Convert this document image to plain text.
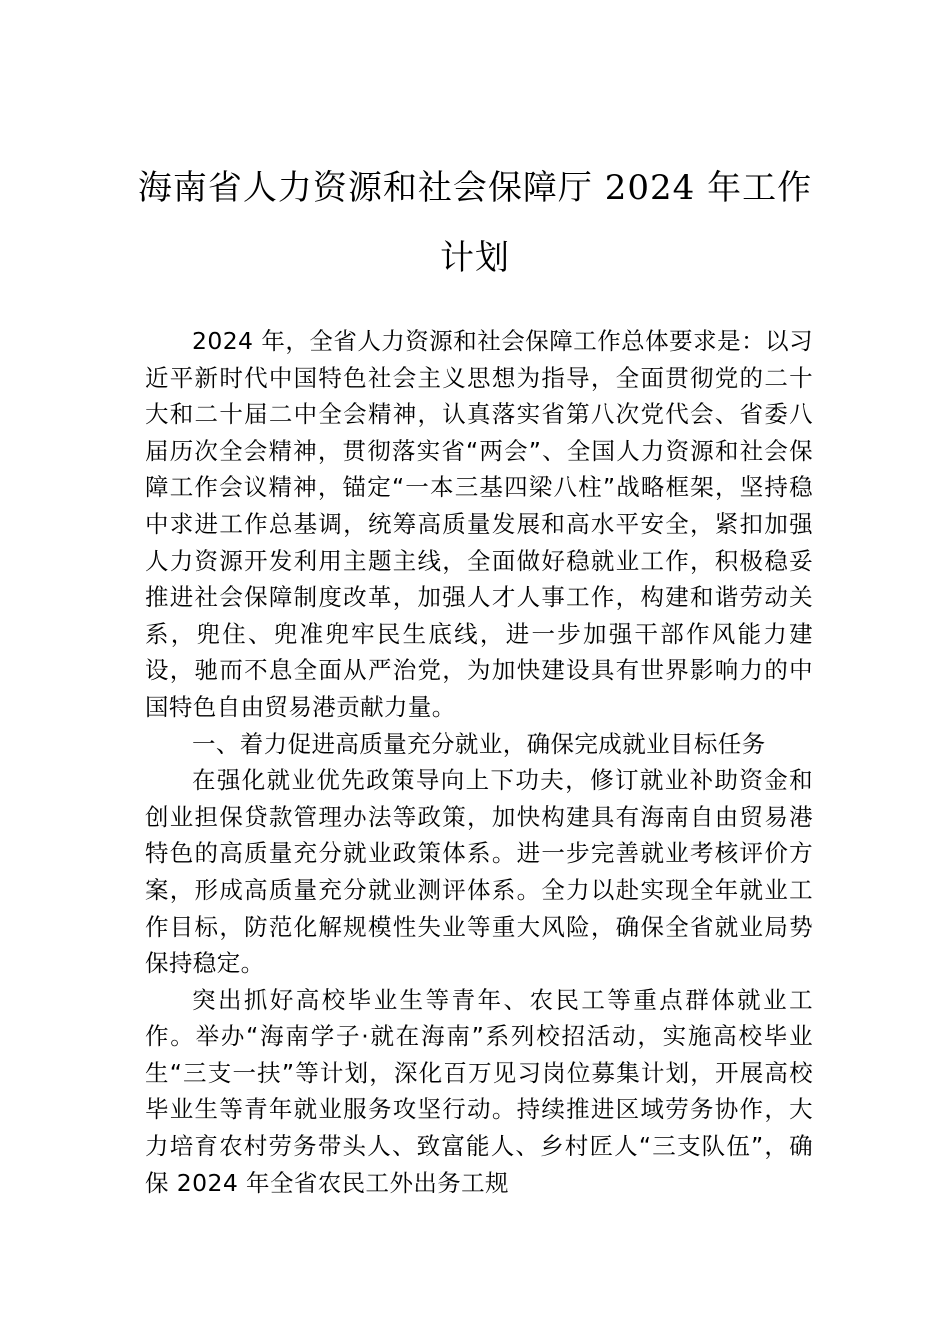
海南省人力资源和社会保障厅 2024 年工作
计划

2024 年，全省人力资源和社会保障工作总体要求是：以习近平新时代中国特色社会主义思想为指导，全面贯彻党的二十大和二十届二中全会精神，认真落实省第八次党代会、省委八届历次全会精神，贯彻落实省“两会”、全国人力资源和社会保障工作会议精神，锚定“一本三基四梁八柱”战略框架，坚持稳中求进工作总基调，统筹高质量发展和高水平安全，紧扣加强人力资源开发利用主题主线，全面做好稳就业工作，积极稳妥推进社会保障制度改革，加强人才人事工作，构建和谐劳动关系，兜住、兜准兜牢民生底线，进一步加强干部作风能力建设，驰而不息全面从严治党，为加快建设具有世界影响力的中国特色自由贸易港贡献力量。

一、着力促进高质量充分就业，确保完成就业目标任务

在强化就业优先政策导向上下功夫，修订就业补助资金和创业担保贷款管理办法等政策，加快构建具有海南自由贸易港特色的高质量充分就业政策体系。进一步完善就业考核评价方案，形成高质量充分就业测评体系。全力以赴实现全年就业工作目标，防范化解规模性失业等重大风险，确保全省就业局势保持稳定。

突出抓好高校毕业生等青年、农民工等重点群体就业工作。举办“海南学子·就在海南”系列校招活动，实施高校毕业生“三支一扶”等计划，深化百万见习岗位募集计划，开展高校毕业生等青年就业服务攻坚行动。持续推进区域劳务协作，大力培育农村劳务带头人、致富能人、乡村匠人“三支队伍”，确保 2024 年全省农民工外出务工规
